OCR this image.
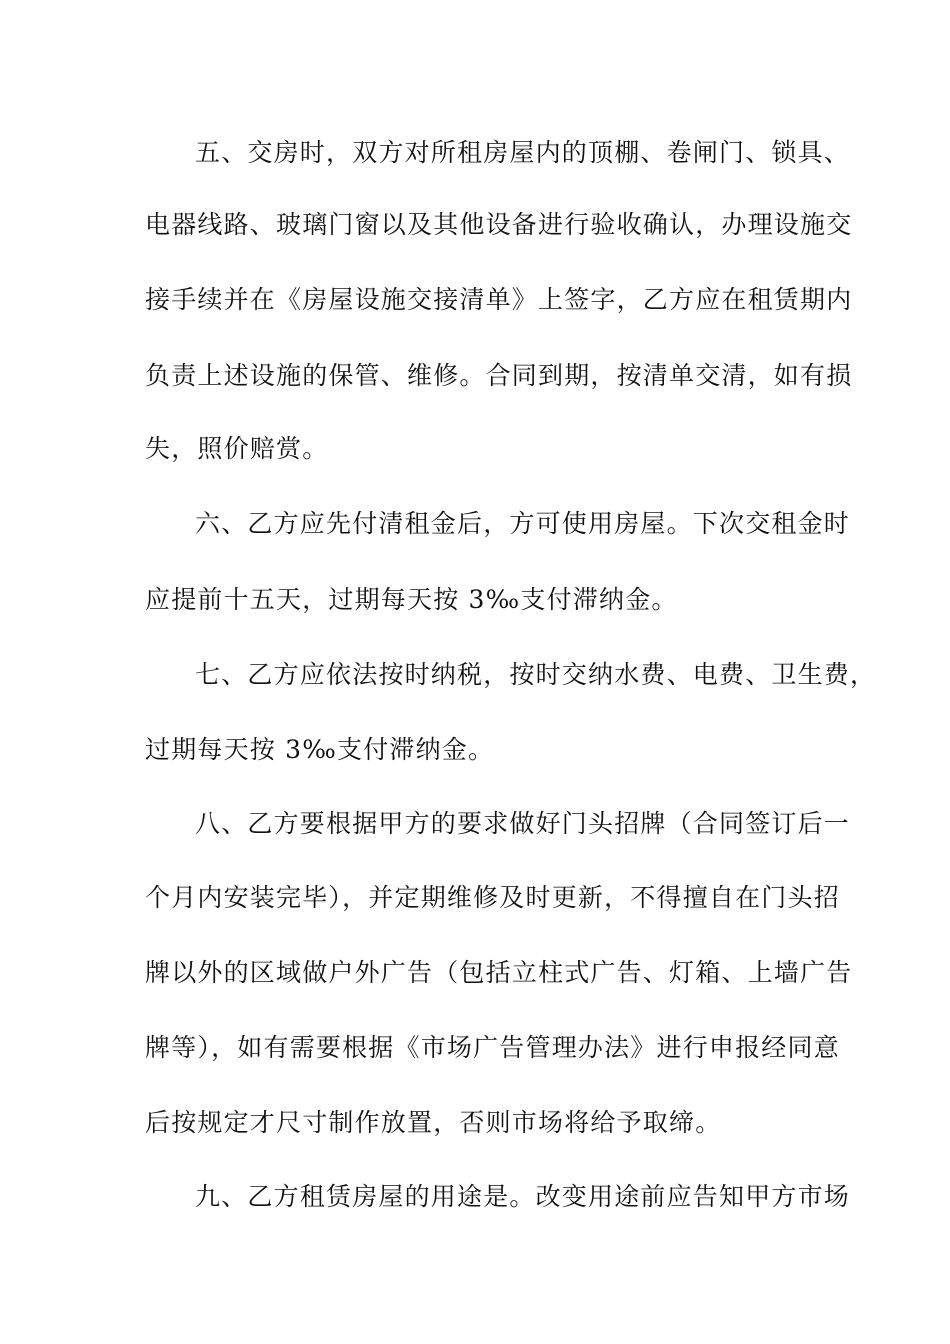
五、交房时，双方对所租房屋内的顶棚、卷闸门、锁具、
电器线路、玻璃门窗以及其他设备进行验收确认，办理设施交
接手续并在《房屋设施交接清单》上签字，乙方应在租赁期内
负责上述设施的保管、维修。合同到期，按清单交清，如有损
失，照价赔赏。
六、乙方应先付清租金后，方可使用房屋。下次交租金时
应提前十五天，过期每天按 3‰支付滞纳金。
七、乙方应依法按时纳税，按时交纳水费、电费、卫生费，
过期每天按 3‰支付滞纳金。
八、乙方要根据甲方的要求做好门头招牌（合同签订后一
个月内安装完毕），并定期维修及时更新，不得擅自在门头招
牌以外的区域做户外广告（包括立柱式广告、灯箱、上墙广告
牌等），如有需要根据《市场广告管理办法》进行申报经同意
后按规定才尺寸制作放置，否则市场将给予取缔。
九、乙方租赁房屋的用途是。改变用途前应告知甲方市场
